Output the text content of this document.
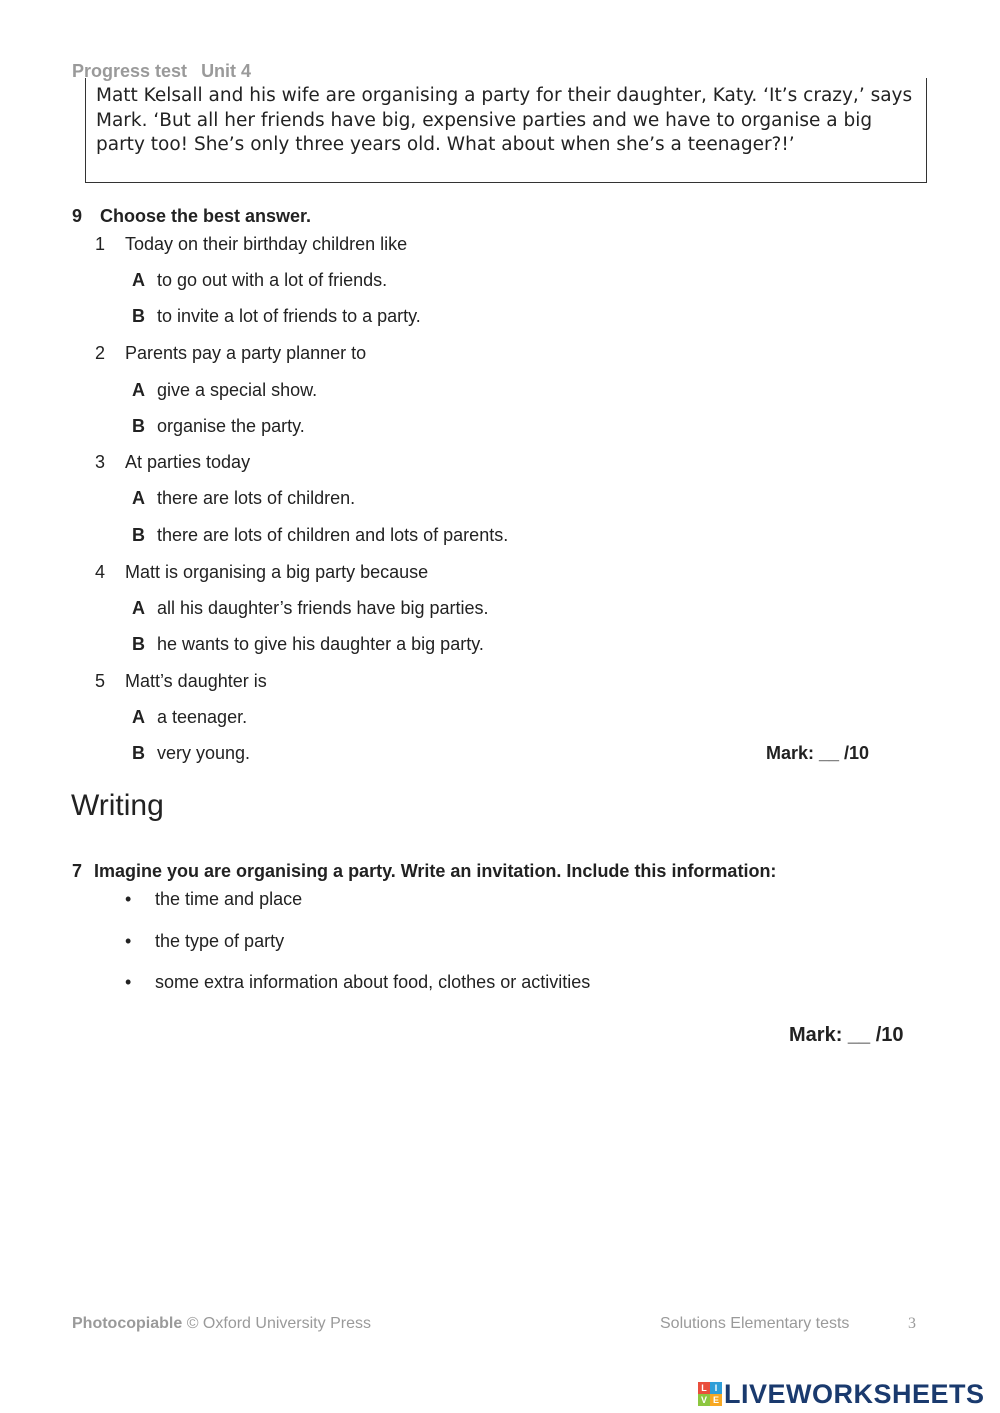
Progress test Unit 4
Matt Kelsall and his wife are organising a party for their daughter, Katy. ‘It’s crazy,’ says Mark. ‘But all her friends have big, expensive parties and we have to organise a big party too! She’s only three years old. What about when she’s a teenager?!’
9 Choose the best answer.
1 Today on their birthday children like
A to go out with a lot of friends.
B to invite a lot of friends to a party.
2 Parents pay a party planner to
A give a special show.
B organise the party.
3 At parties today
A there are lots of children.
B there are lots of children and lots of parents.
4 Matt is organising a big party because
A all his daughter’s friends have big parties.
B he wants to give his daughter a big party.
5 Matt’s daughter is
A a teenager.
B very young.	Mark: __ /10
Writing
7 Imagine you are organising a party. Write an invitation. Include this information:
• the time and place
• the type of party
• some extra information about food, clothes or activities
Mark: __ /10
Photocopiable © Oxford University Press	Solutions Elementary tests	3
L I
V E LIVEWORKSHEETS
